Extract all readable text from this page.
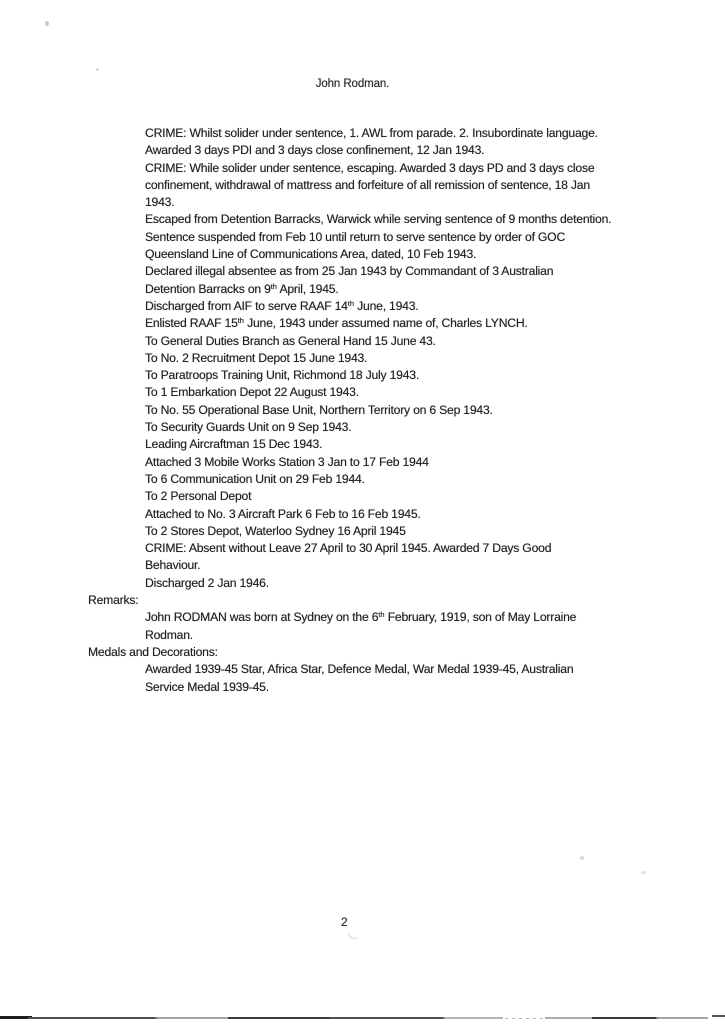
John Rodman.
CRIME: Whilst solider under sentence, 1. AWL from parade. 2. Insubordinate language.
Awarded 3 days PDI and 3 days close confinement, 12 Jan 1943.
CRIME: While solider under sentence, escaping. Awarded 3 days PD and 3 days close
confinement, withdrawal of mattress and forfeiture of all remission of sentence, 18 Jan
1943.
Escaped from Detention Barracks, Warwick while serving sentence of 9 months detention.
Sentence suspended from Feb 10 until return to serve sentence by order of GOC
Queensland Line of Communications Area, dated, 10 Feb 1943.
Declared illegal absentee as from 25 Jan 1943 by Commandant of 3 Australian
Detention Barracks on 9th April, 1945.
Discharged from AIF to serve RAAF 14th June, 1943.
Enlisted RAAF 15th June, 1943 under assumed name of, Charles LYNCH.
To General Duties Branch as General Hand 15 June 43.
To No. 2 Recruitment Depot 15 June 1943.
To Paratroops Training Unit, Richmond 18 July 1943.
To 1 Embarkation Depot 22 August 1943.
To No. 55 Operational Base Unit, Northern Territory on 6 Sep 1943.
To Security Guards Unit on 9 Sep 1943.
Leading Aircraftman 15 Dec 1943.
Attached 3 Mobile Works Station 3 Jan to 17 Feb 1944
To 6 Communication Unit on 29 Feb 1944.
To 2 Personal Depot
Attached to No. 3 Aircraft Park 6 Feb to 16 Feb 1945.
To 2 Stores Depot, Waterloo Sydney 16 April 1945
CRIME: Absent without Leave 27 April to 30 April 1945. Awarded 7 Days Good
Behaviour.
Discharged 2 Jan 1946.
Remarks:
John RODMAN was born at Sydney on the 6th February, 1919, son of May Lorraine
Rodman.
Medals and Decorations:
Awarded 1939-45 Star, Africa Star, Defence Medal, War Medal 1939-45, Australian
Service Medal 1939-45.
2
